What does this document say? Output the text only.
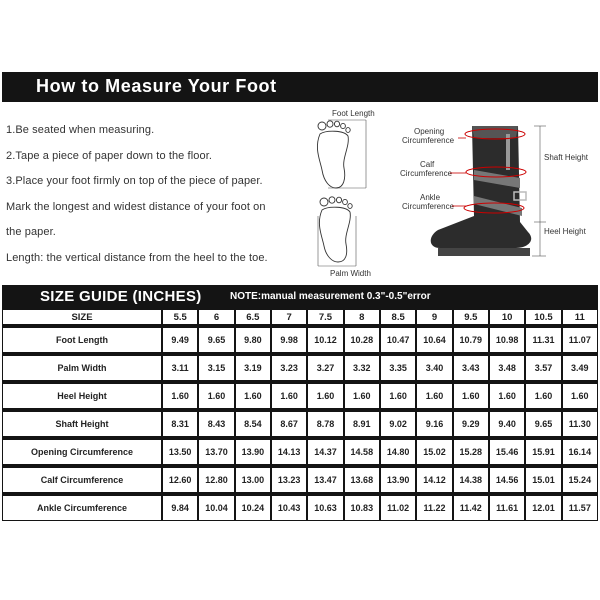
How to Measure Your Foot
1.Be seated when measuring.
2.Tape a piece of paper down to the floor.
3.Place your foot firmly on top of the piece of paper.
Mark the longest and widest distance of your foot on
the paper.
Length: the vertical distance from the heel to the toe.
Foot Length
Palm Width
Opening
Circumference
Calf
Circumference
Ankle
Circumference
Shaft Height
Heel Height
SIZE GUIDE (INCHES)	NOTE:manual measurement 0.3"-0.5"error
SIZE	5.5	6	6.5	7	7.5	8	8.5	9	9.5	10	10.5	11

Foot Length	9.49	9.65	9.80	9.98	10.12	10.28	10.47	10.64	10.79	10.98	11.31	11.07

Palm Width	3.11	3.15	3.19	3.23	3.27	3.32	3.35	3.40	3.43	3.48	3.57	3.49

Heel Height	1.60	1.60	1.60	1.60	1.60	1.60	1.60	1.60	1.60	1.60	1.60	1.60

Shaft Height	8.31	8.43	8.54	8.67	8.78	8.91	9.02	9.16	9.29	9.40	9.65	11.30

Opening Circumference	13.50	13.70	13.90	14.13	14.37	14.58	14.80	15.02	15.28	15.46	15.91	16.14

Calf Circumference	12.60	12.80	13.00	13.23	13.47	13.68	13.90	14.12	14.38	14.56	15.01	15.24

Ankle Circumference	9.84	10.04	10.24	10.43	10.63	10.83	11.02	11.22	11.42	11.61	12.01	11.57
